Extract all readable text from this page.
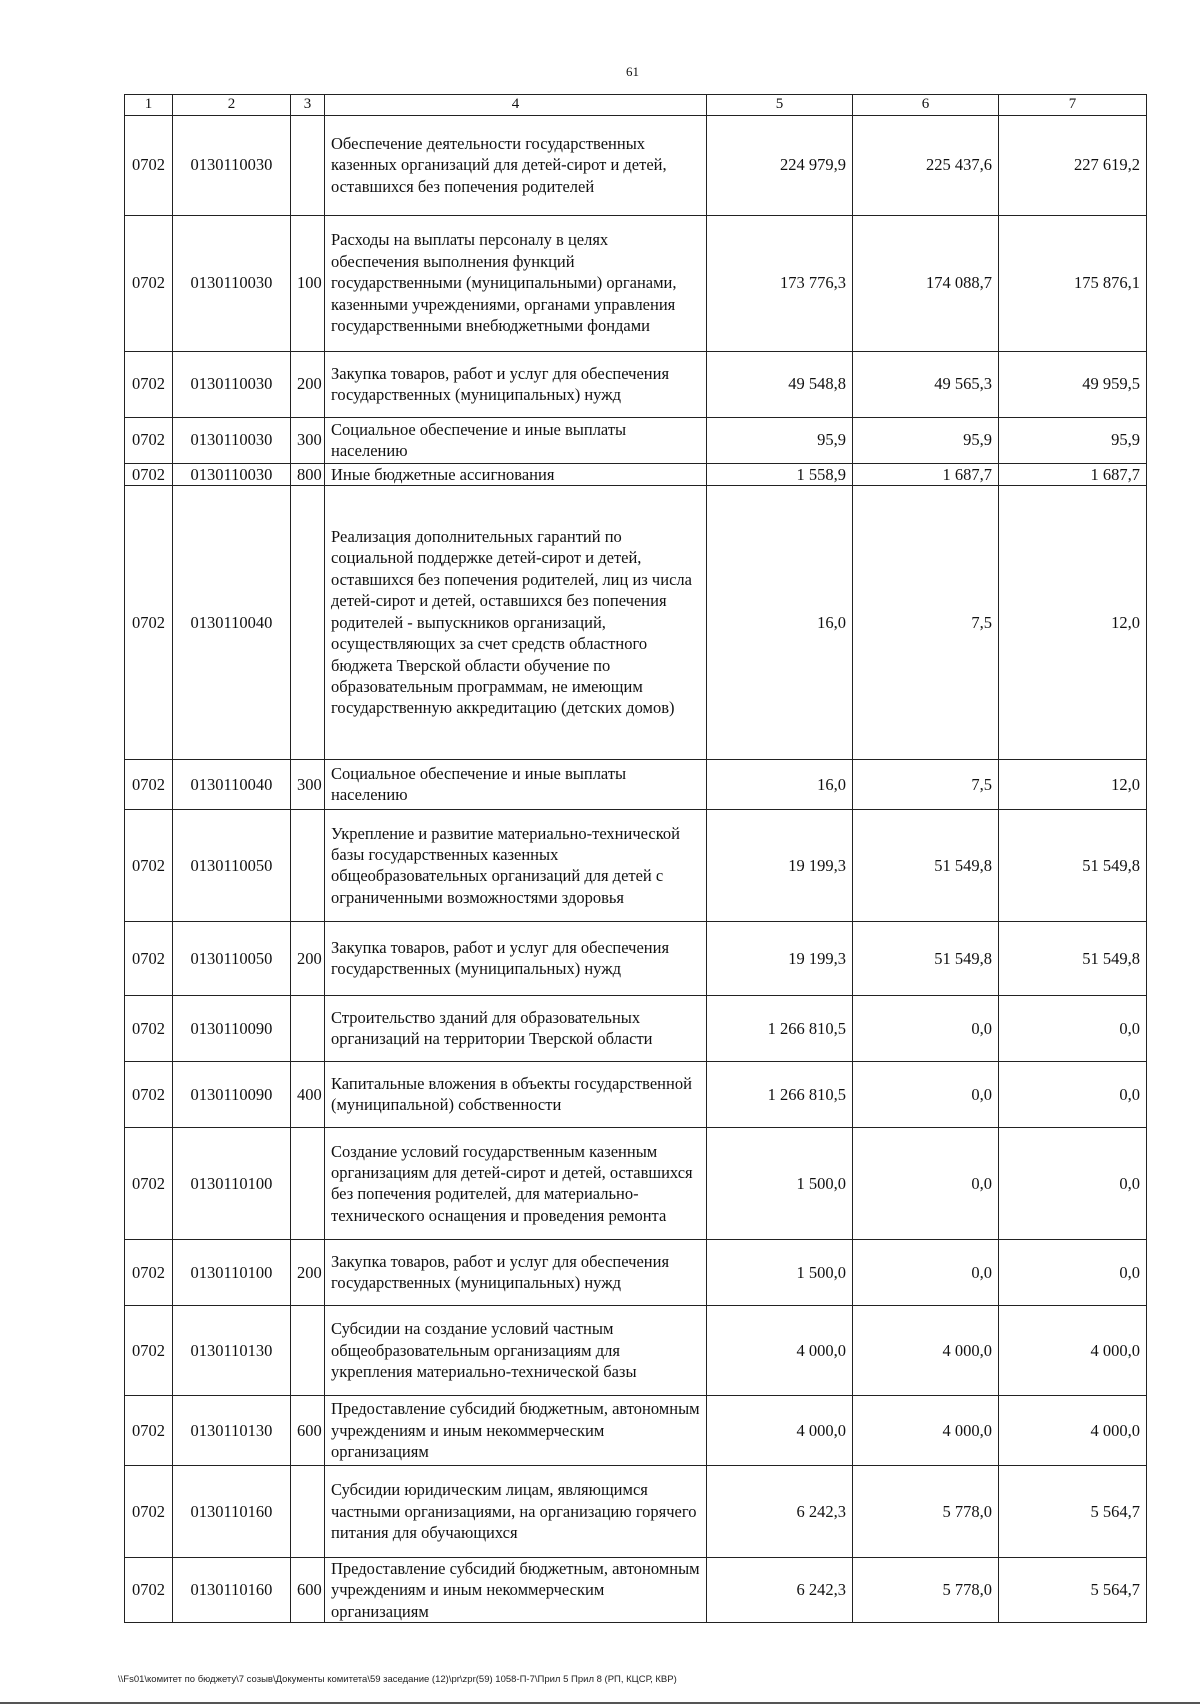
61
1	2	3	4	5	6	7
0702	0130110030		Обеспечение деятельности государственных казенных организаций для детей-сирот и детей, оставшихся без попечения родителей	224 979,9	225 437,6	227 619,2
0702	0130110030	100	Расходы на выплаты персоналу в целях обеспечения выполнения функций государственными (муниципальными) органами, казенными учреждениями, органами управления государственными внебюджетными фондами	173 776,3	174 088,7	175 876,1
0702	0130110030	200	Закупка товаров, работ и услуг для обеспечения государственных (муниципальных) нужд	49 548,8	49 565,3	49 959,5
0702	0130110030	300	Социальное обеспечение и иные выплаты населению	95,9	95,9	95,9
0702	0130110030	800	Иные бюджетные ассигнования	1 558,9	1 687,7	1 687,7
0702	0130110040		Реализация дополнительных гарантий по социальной поддержке детей-сирот и детей, оставшихся без попечения родителей, лиц из числа детей-сирот и детей, оставшихся без попечения родителей - выпускников организаций, осуществляющих за счет средств областного бюджета Тверской области обучение по образовательным программам, не имеющим государственную аккредитацию (детских домов)	16,0	7,5	12,0
0702	0130110040	300	Социальное обеспечение и иные выплаты населению	16,0	7,5	12,0
0702	0130110050		Укрепление и развитие материально-технической базы государственных казенных общеобразовательных организаций для детей с ограниченными возможностями здоровья	19 199,3	51 549,8	51 549,8
0702	0130110050	200	Закупка товаров, работ и услуг для обеспечения государственных (муниципальных) нужд	19 199,3	51 549,8	51 549,8
0702	0130110090		Строительство зданий для образовательных организаций на территории Тверской области	1 266 810,5	0,0	0,0
0702	0130110090	400	Капитальные вложения в объекты государственной (муниципальной) собственности	1 266 810,5	0,0	0,0
0702	0130110100		Создание условий государственным казенным организациям для детей-сирот и детей, оставшихся без попечения родителей, для материально-технического оснащения и проведения ремонта	1 500,0	0,0	0,0
0702	0130110100	200	Закупка товаров, работ и услуг для обеспечения государственных (муниципальных) нужд	1 500,0	0,0	0,0
0702	0130110130		Субсидии на создание условий частным общеобразовательным организациям для укрепления материально-технической базы	4 000,0	4 000,0	4 000,0
0702	0130110130	600	Предоставление субсидий бюджетным, автономным учреждениям и иным некоммерческим организациям	4 000,0	4 000,0	4 000,0
0702	0130110160		Субсидии юридическим лицам, являющимся частными организациями, на организацию горячего питания для обучающихся	6 242,3	5 778,0	5 564,7
0702	0130110160	600	Предоставление субсидий бюджетным, автономным учреждениям и иным некоммерческим организациям	6 242,3	5 778,0	5 564,7
\\Fs01\комитет по бюджету\7 созыв\Документы комитета\59 заседание (12)\pr\zpr(59) 1058-П-7\Прил 5 Прил 8 (РП, КЦСР, КВР)
